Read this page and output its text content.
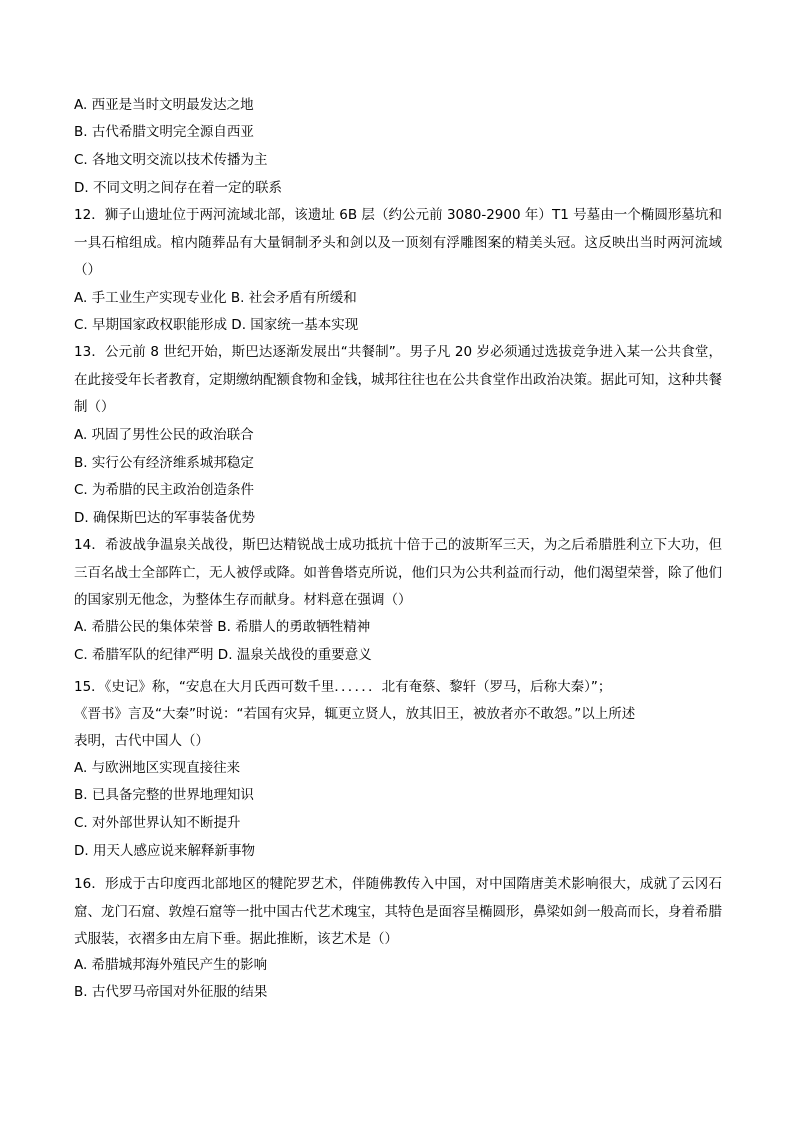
A. 西亚是当时文明最发达之地
B. 古代希腊文明完全源自西亚
C. 各地文明交流以技术传播为主
D. 不同文明之间存在着一定的联系
12．狮子山遗址位于两河流域北部，该遗址 6B 层（约公元前 3080-2900 年）T1 号墓由一个椭圆形墓坑和一具石棺组成。棺内随葬品有大量铜制矛头和剑以及一顶刻有浮雕图案的精美头冠。这反映出当时两河流域（）
A. 手工业生产实现专业化 B. 社会矛盾有所缓和
C. 早期国家政权职能形成 D. 国家统一基本实现
13．公元前 8 世纪开始，斯巴达逐渐发展出“共餐制”。男子凡 20 岁必须通过选拔竞争进入某一公共食堂，在此接受年长者教育，定期缴纳配额食物和金钱，城邦往往也在公共食堂作出政治决策。据此可知，这种共餐制（）
A. 巩固了男性公民的政治联合
B. 实行公有经济维系城邦稳定
C. 为希腊的民主政治创造条件
D. 确保斯巴达的军事装备优势
14．希波战争温泉关战役，斯巴达精锐战士成功抵抗十倍于己的波斯军三天，为之后希腊胜利立下大功，但三百名战士全部阵亡，无人被俘或降。如普鲁塔克所说，他们只为公共利益而行动，他们渴望荣誉，除了他们的国家别无他念，为整体生存而献身。材料意在强调（）
A. 希腊公民的集体荣誉 B. 希腊人的勇敢牺牲精神
C. 希腊军队的纪律严明 D. 温泉关战役的重要意义
15．《史记》称，“安息在大月氏西可数千里．．．．．．北有奄蔡、黎轩（罗马，后称大秦）”；
《晋书》言及“大秦”时说：“若国有灾异，辄更立贤人，放其旧王，被放者亦不敢怨。”以上所述
表明，古代中国人（）
A. 与欧洲地区实现直接往来
B. 已具备完整的世界地理知识
C. 对外部世界认知不断提升
D. 用天人感应说来解释新事物
16．形成于古印度西北部地区的犍陀罗艺术，伴随佛教传入中国，对中国隋唐美术影响很大，成就了云冈石窟、龙门石窟、敦煌石窟等一批中国古代艺术瑰宝，其特色是面容呈椭圆形，鼻梁如剑一般高而长，身着希腊式服装，衣褶多由左肩下垂。据此推断，该艺术是（）
A. 希腊城邦海外殖民产生的影响
B. 古代罗马帝国对外征服的结果
